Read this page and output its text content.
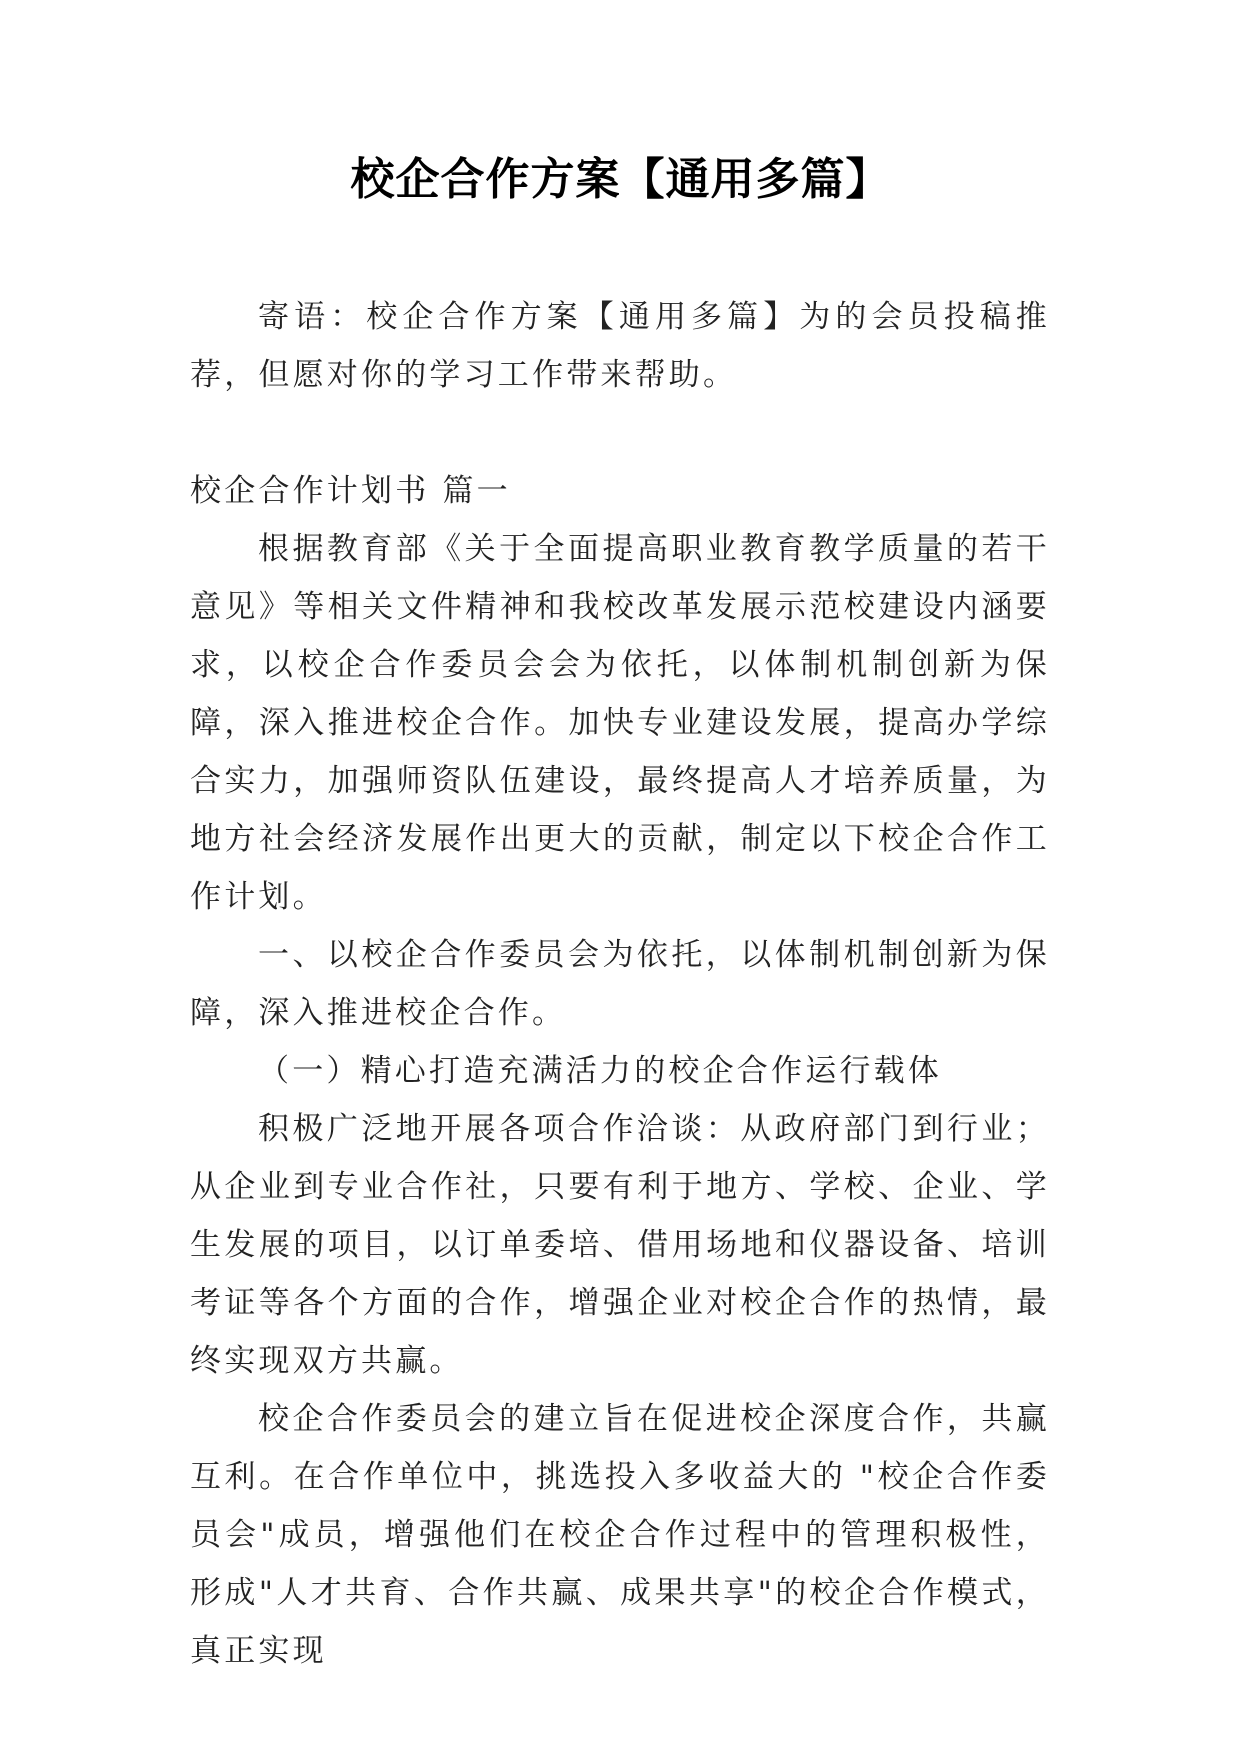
校企合作方案【通用多篇】

寄语：校企合作方案【通用多篇】为的会员投稿推荐，但愿对你的学习工作带来帮助。

校企合作计划书 篇一

根据教育部《关于全面提高职业教育教学质量的若干意见》等相关文件精神和我校改革发展示范校建设内涵要求，以校企合作委员会会为依托，以体制机制创新为保障，深入推进校企合作。加快专业建设发展，提高办学综合实力，加强师资队伍建设，最终提高人才培养质量，为地方社会经济发展作出更大的贡献，制定以下校企合作工作计划。

一、以校企合作委员会为依托，以体制机制创新为保障，深入推进校企合作。

（一）精心打造充满活力的校企合作运行载体

积极广泛地开展各项合作洽谈：从政府部门到行业；从企业到专业合作社，只要有利于地方、学校、企业、学生发展的项目，以订单委培、借用场地和仪器设备、培训考证等各个方面的合作，增强企业对校企合作的热情，最终实现双方共赢。

校企合作委员会的建立旨在促进校企深度合作，共赢互利。在合作单位中，挑选投入多收益大的 "校企合作委员会"成员，增强他们在校企合作过程中的管理积极性，形成"人才共育、合作共赢、成果共享"的校企合作模式，真正实现
